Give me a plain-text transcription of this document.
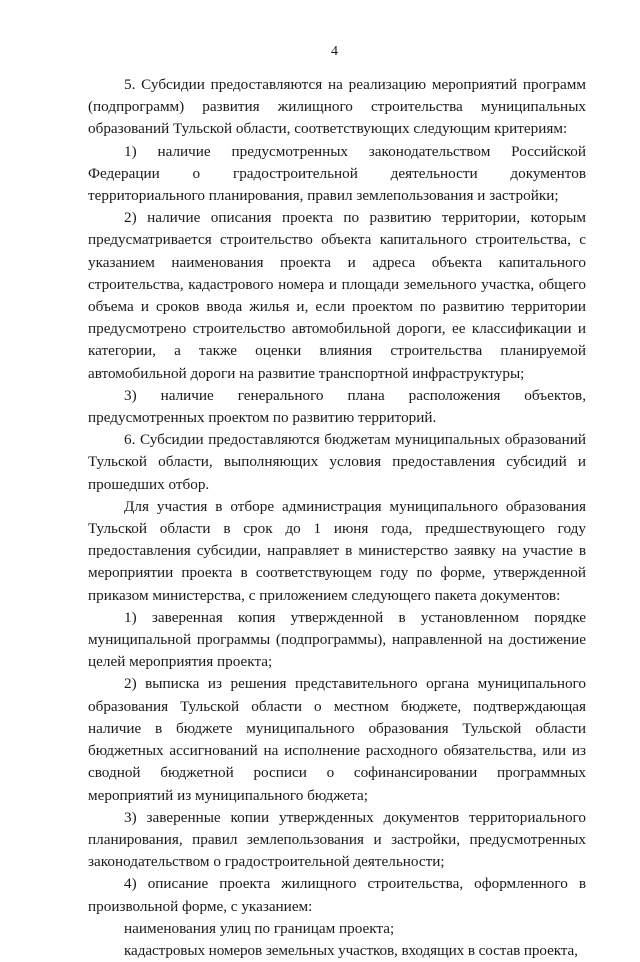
4

5. Субсидии предоставляются на реализацию мероприятий программ (подпрограмм) развития жилищного строительства муниципальных образований Тульской области, соответствующих следующим критериям:

1) наличие предусмотренных законодательством Российской Федерации о градостроительной деятельности документов территориального планирования, правил землепользования и застройки;

2) наличие описания проекта по развитию территории, которым предусматривается строительство объекта капитального строительства, с указанием наименования проекта и адреса объекта капитального строительства, кадастрового номера и площади земельного участка, общего объема и сроков ввода жилья и, если проектом по развитию территории предусмотрено строительство автомобильной дороги, ее классификации и категории, а также оценки влияния строительства планируемой автомобильной дороги на развитие транспортной инфраструктуры;

3) наличие генерального плана расположения объектов, предусмотренных проектом по развитию территорий.

6. Субсидии предоставляются бюджетам муниципальных образований Тульской области, выполняющих условия предоставления субсидий и прошедших отбор.

Для участия в отборе администрация муниципального образования Тульской области в срок до 1 июня года, предшествующего году предоставления субсидии, направляет в министерство заявку на участие в мероприятии проекта в соответствующем году по форме, утвержденной приказом министерства, с приложением следующего пакета документов:

1) заверенная копия утвержденной в установленном порядке муниципальной программы (подпрограммы), направленной на достижение целей мероприятия проекта;

2) выписка из решения представительного органа муниципального образования Тульской области о местном бюджете, подтверждающая наличие в бюджете муниципального образования Тульской области бюджетных ассигнований на исполнение расходного обязательства, или из сводной бюджетной росписи о софинансировании программных мероприятий из муниципального бюджета;

3) заверенные копии утвержденных документов территориального планирования, правил землепользования и застройки, предусмотренных законодательством о градостроительной деятельности;

4) описание проекта жилищного строительства, оформленного в произвольной форме, с указанием:

наименования улиц по границам проекта;

кадастровых номеров земельных участков, входящих в состав проекта,
